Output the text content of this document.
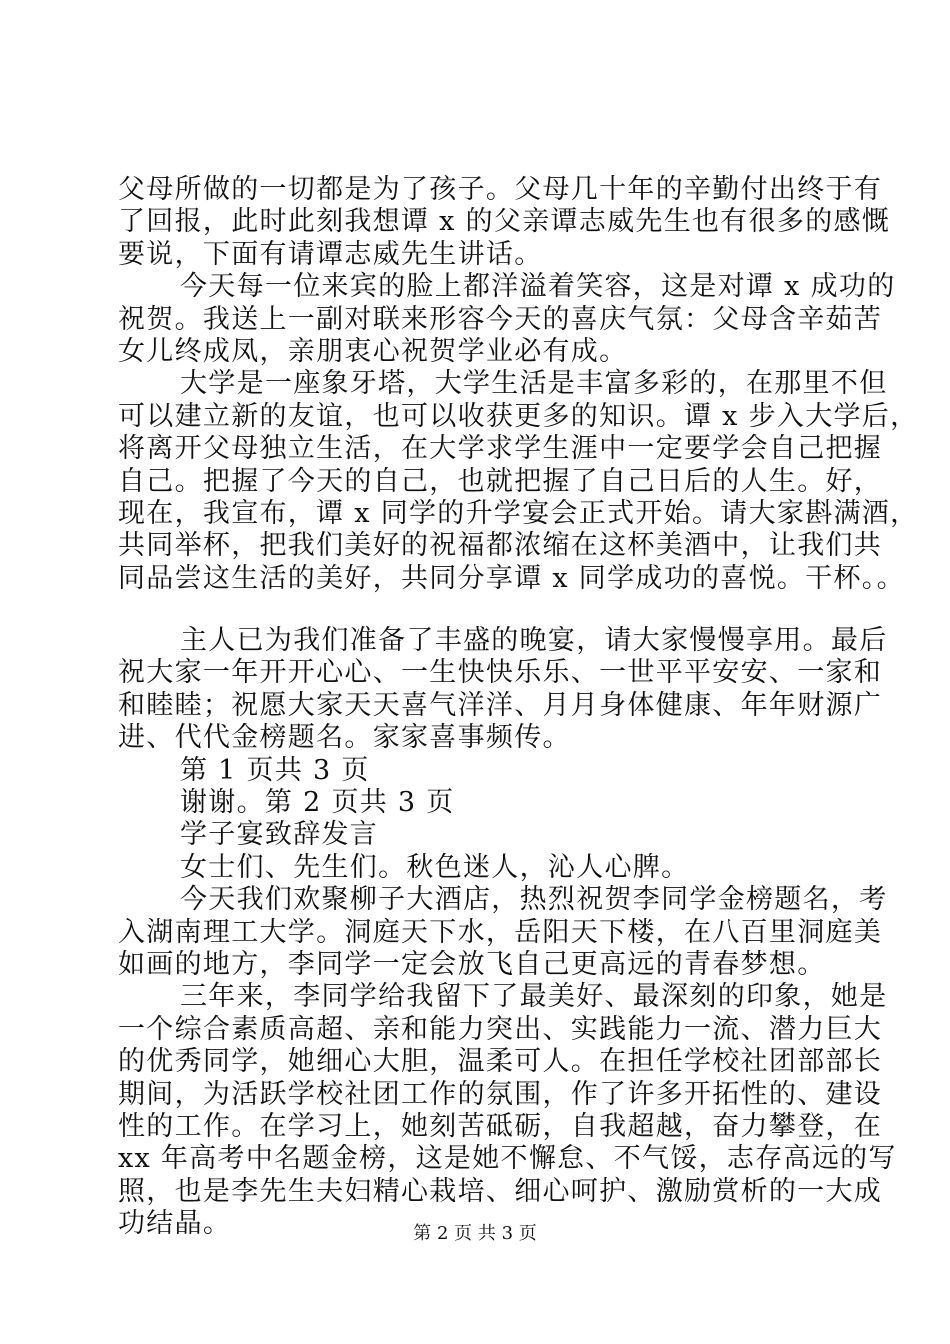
父母所做的一切都是为了孩子。父母几十年的辛勤付出终于有
了回报，此时此刻我想谭 x 的父亲谭志威先生也有很多的感慨
要说，下面有请谭志威先生讲话。
今天每一位来宾的脸上都洋溢着笑容，这是对谭 x 成功的
祝贺。我送上一副对联来形容今天的喜庆气氛：父母含辛茹苦
女儿终成凤，亲朋衷心祝贺学业必有成。
大学是一座象牙塔，大学生活是丰富多彩的，在那里不但
可以建立新的友谊，也可以收获更多的知识。谭 x 步入大学后，
将离开父母独立生活，在大学求学生涯中一定要学会自己把握
自己。把握了今天的自己，也就把握了自己日后的人生。好，
现在，我宣布，谭 x 同学的升学宴会正式开始。请大家斟满酒，
共同举杯，把我们美好的祝福都浓缩在这杯美酒中，让我们共
同品尝这生活的美好，共同分享谭 x 同学成功的喜悦。干杯。。
主人已为我们准备了丰盛的晚宴，请大家慢慢享用。最后
祝大家一年开开心心、一生快快乐乐、一世平平安安、一家和
和睦睦；祝愿大家天天喜气洋洋、月月身体健康、年年财源广
进、代代金榜题名。家家喜事频传。
第 1 页共 3 页
谢谢。第 2 页共 3 页
学子宴致辞发言
女士们、先生们。秋色迷人，沁人心脾。
今天我们欢聚柳子大酒店，热烈祝贺李同学金榜题名，考
入湖南理工大学。洞庭天下水，岳阳天下楼，在八百里洞庭美
如画的地方，李同学一定会放飞自己更高远的青春梦想。
三年来，李同学给我留下了最美好、最深刻的印象，她是
一个综合素质高超、亲和能力突出、实践能力一流、潜力巨大
的优秀同学，她细心大胆，温柔可人。在担任学校社团部部长
期间，为活跃学校社团工作的氛围，作了许多开拓性的、建设
性的工作。在学习上，她刻苦砥砺，自我超越，奋力攀登，在
xx 年高考中名题金榜，这是她不懈怠、不气馁，志存高远的写
照，也是李先生夫妇精心栽培、细心呵护、激励赏析的一大成
功结晶。	第 2 页 共 3 页
